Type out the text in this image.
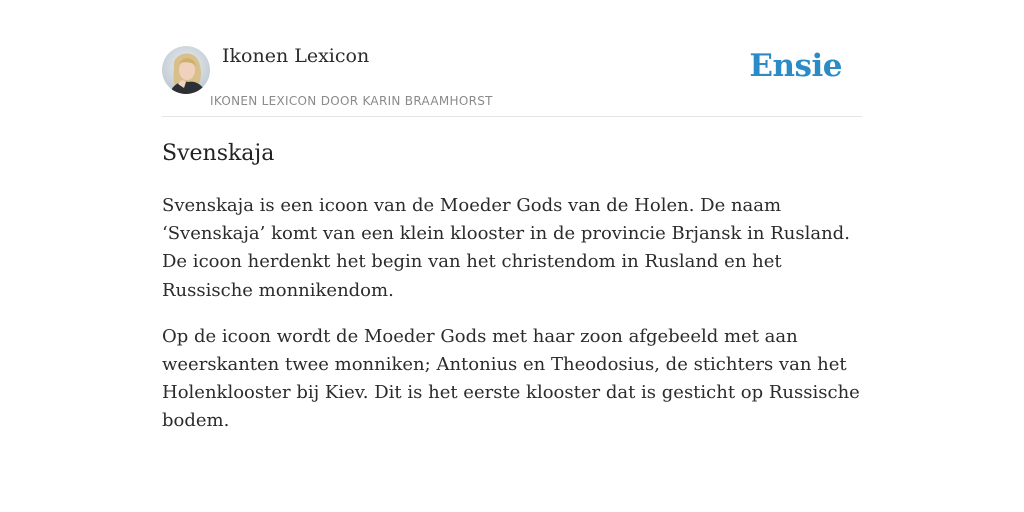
Ikonen Lexicon
IKONEN LEXICON DOOR KARIN BRAAMHORST
Ensie
Svenskaja

Svenskaja is een icoon van de Moeder Gods van de Holen. De naam ‘Svenskaja’ komt van een klein klooster in de provincie Brjansk in Rusland. De icoon herdenkt het begin van het christendom in Rusland en het Russische monnikendom.

Op de icoon wordt de Moeder Gods met haar zoon afgebeeld met aan weerskanten twee monniken; Antonius en Theodosius, de stichters van het Holenklooster bij Kiev. Dit is het eerste klooster dat is gesticht op Russische bodem.
